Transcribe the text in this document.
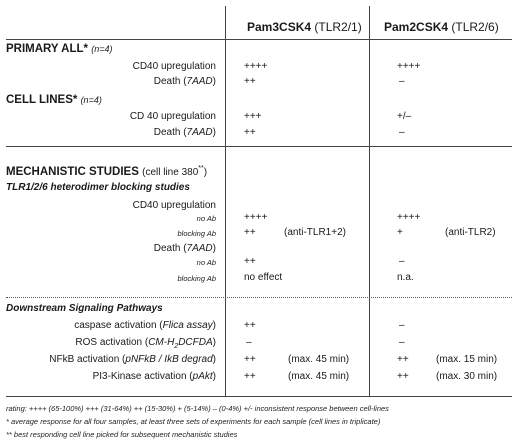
Pam3CSK4 (TLR2/1) Pam2CSK4 (TLR2/6)
PRIMARY ALL* (n=4)
CD40 upregulation	++++	++++
Death (7AAD)	++	–
CELL LINES* (n=4)
CD 40 upregulation	+++	+/–
Death (7AAD)	++	–
MECHANISTIC STUDIES (cell line 380**)
TLR1/2/6 heterodimer blocking studies
CD40 upregulation
no Ab	++++	++++
blocking Ab	++	(anti-TLR1+2)	+	(anti-TLR2)
Death (7AAD)
no Ab	++	–
blocking Ab	no effect	n.a.
Downstream Signaling Pathways
caspase activation (Flica assay)	++	–
ROS activation $(CM-H_2DCFDA)$	–	–
NFkB activation (pNFkB / IkB degrad)	++	(max. 45 min)	++	(max. 15 min)
PI3-Kinase activation (pAkt)	++	(max. 45 min)	++	(max. 30 min)
rating: ++++ (65-100%) +++ (31-64%) ++ (15-30%) + (5-14%) – (0-4%) +/- inconsistent response between cell-lines
* average response for all four samples, at least three sets of experiments for each sample (cell lines in triplicate)
** best responding cell line picked for subsequent mechanistic studies
